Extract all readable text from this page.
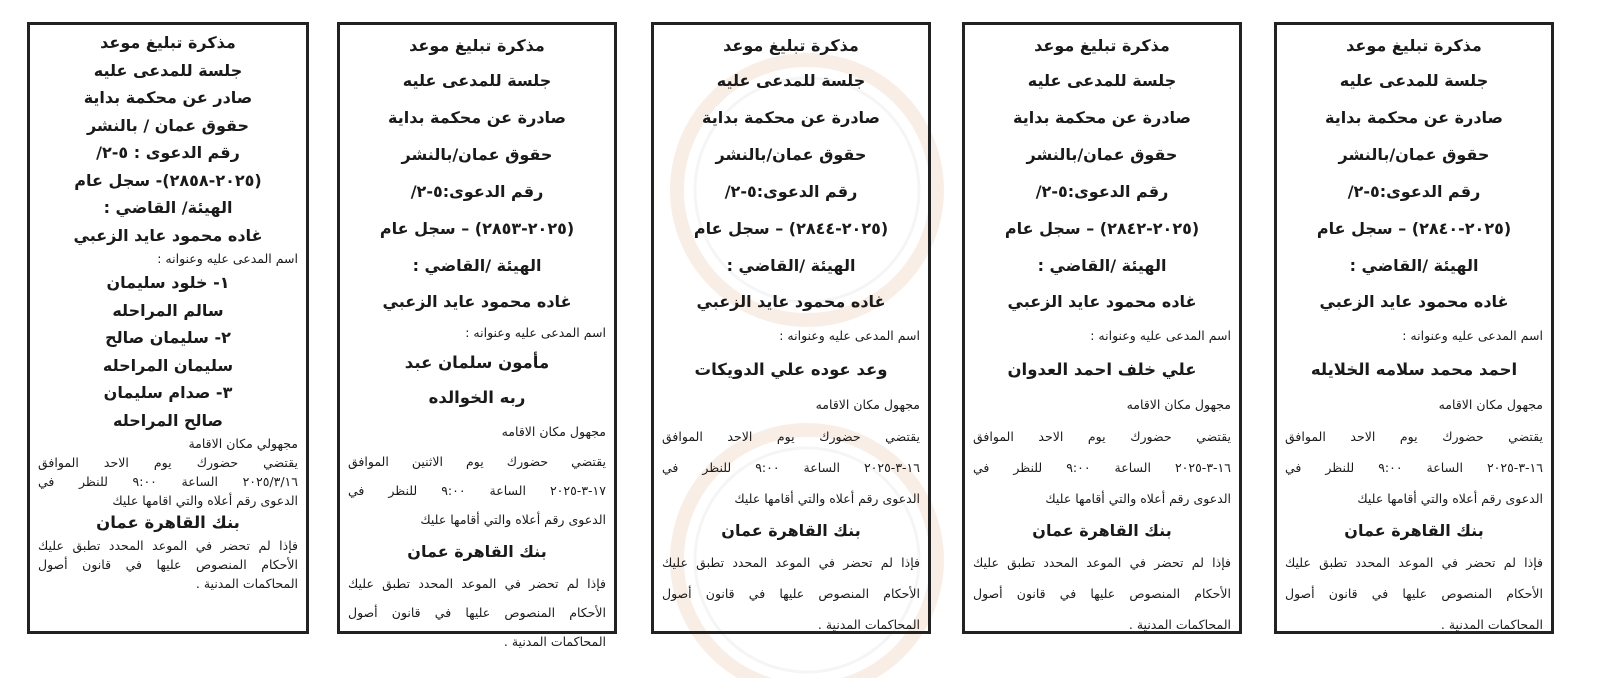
مذكرة تبليغ موعد

جلسة للمدعى عليه

صادر عن محكمة بداية

حقوق عمان / بالنشر

رقم الدعوى : ٥-٢/

(٢٠٢٥-٢٨٥٨)- سجل عام

الهيئة/ القاضي :

غاده محمود عايد الزعبي

اسم المدعى عليه وعنوانه :

١- خلود سليمان

سالم المراحله

٢- سليمان صالح

سليمان المراحله

٣- صدام سليمان

صالح المراحله

مجهولي مكان الاقامة

يقتضي حضورك يوم الاحد الموافق

٢٠٢٥/٣/١٦ الساعة ٩:٠٠ للنظر في

الدعوى رقم أعلاه والتي اقامها عليك

بنك القاهرة عمان

فإذا لم تحضر في الموعد المحدد تطبق عليك

الأحكام المنصوص عليها في قانون أصول

المحاكمات المدنية .

مذكرة تبليغ موعد

جلسة للمدعى عليه

صادرة عن محكمة بداية

حقوق عمان/بالنشر

رقم الدعوى:٥-٢/

(٢٠٢٥-٢٨٥٣) – سجل عام

الهيئة /القاضي :

غاده محمود عايد الزعبي

اسم المدعى عليه وعنوانه :

مأمون سلمان عبد

ربه الخوالده

مجهول مكان الاقامه

يقتضي حضورك يوم الاثنين الموافق

١٧-٣-٢٠٢٥ الساعة ٩:٠٠ للنظر في

الدعوى رقم أعلاه والتي أقامها عليك

بنك القاهرة عمان

فإذا لم تحضر في الموعد المحدد تطبق عليك

الأحكام المنصوص عليها في قانون أصول

المحاكمات المدنية .

مذكرة تبليغ موعد

جلسة للمدعى عليه

صادرة عن محكمة بداية

حقوق عمان/بالنشر

رقم الدعوى:٥-٢/

(٢٠٢٥-٢٨٤٤) – سجل عام

الهيئة /القاضي :

غاده محمود عايد الزعبي

اسم المدعى عليه وعنوانه :

وعد عوده علي الدويكات

مجهول مكان الاقامه

يقتضي حضورك يوم الاحد الموافق

١٦-٣-٢٠٢٥ الساعة ٩:٠٠ للنظر في

الدعوى رقم أعلاه والتي أقامها عليك

بنك القاهرة عمان

فإذا لم تحضر في الموعد المحدد تطبق عليك

الأحكام المنصوص عليها في قانون أصول

المحاكمات المدنية .

مذكرة تبليغ موعد

جلسة للمدعى عليه

صادرة عن محكمة بداية

حقوق عمان/بالنشر

رقم الدعوى:٥-٢/

(٢٠٢٥-٢٨٤٢) – سجل عام

الهيئة /القاضي :

غاده محمود عايد الزعبي

اسم المدعى عليه وعنوانه :

علي خلف احمد العدوان

مجهول مكان الاقامه

يقتضي حضورك يوم الاحد الموافق

١٦-٣-٢٠٢٥ الساعة ٩:٠٠ للنظر في

الدعوى رقم أعلاه والتي أقامها عليك

بنك القاهرة عمان

فإذا لم تحضر في الموعد المحدد تطبق عليك

الأحكام المنصوص عليها في قانون أصول

المحاكمات المدنية .

مذكرة تبليغ موعد

جلسة للمدعى عليه

صادرة عن محكمة بداية

حقوق عمان/بالنشر

رقم الدعوى:٥-٢/

(٢٠٢٥-٢٨٤٠) – سجل عام

الهيئة /القاضي :

غاده محمود عايد الزعبي

اسم المدعى عليه وعنوانه :

احمد محمد سلامه الخلايله

مجهول مكان الاقامه

يقتضي حضورك يوم الاحد الموافق

١٦-٣-٢٠٢٥ الساعة ٩:٠٠ للنظر في

الدعوى رقم أعلاه والتي أقامها عليك

بنك القاهرة عمان

فإذا لم تحضر في الموعد المحدد تطبق عليك

الأحكام المنصوص عليها في قانون أصول

المحاكمات المدنية .
